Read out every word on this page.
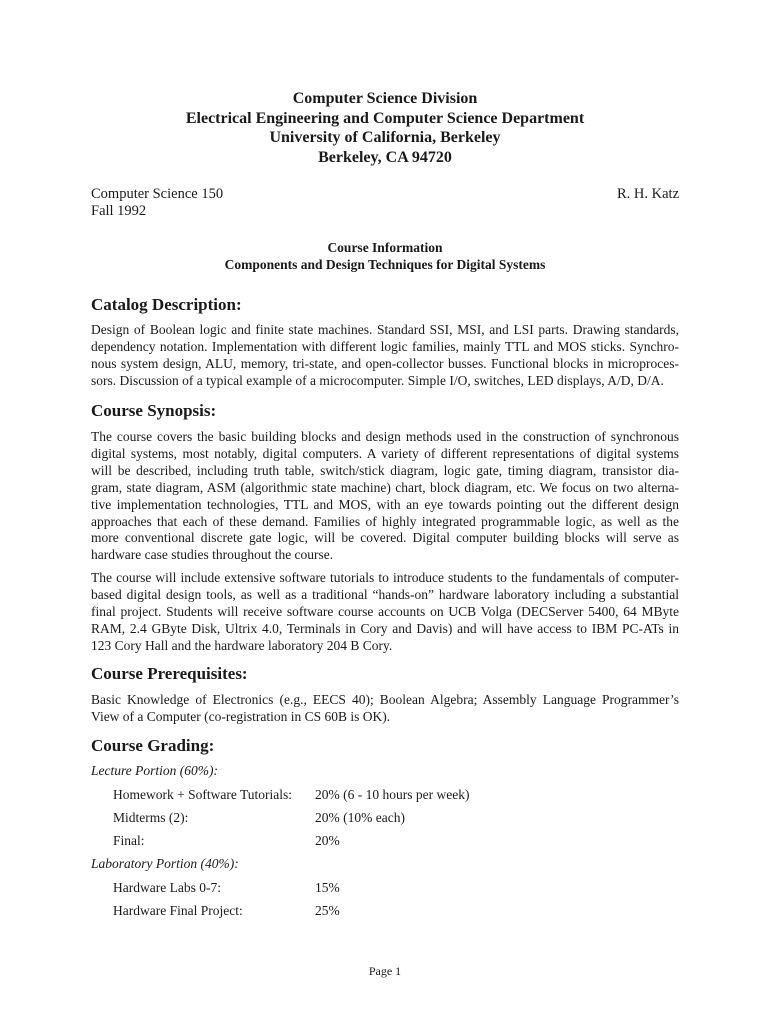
Computer Science Division
Electrical Engineering and Computer Science Department
University of California, Berkeley
Berkeley, CA 94720
Computer Science 150	R. H. Katz
Fall 1992
Course Information
Components and Design Techniques for Digital Systems
Catalog Description:
Design of Boolean logic and finite state machines. Standard SSI, MSI, and LSI parts. Drawing standards,
dependency notation. Implementation with different logic families, mainly TTL and MOS sticks. Synchro-
nous system design, ALU, memory, tri-state, and open-collector busses. Functional blocks in microproces-
sors. Discussion of a typical example of a microcomputer. Simple I/O, switches, LED displays, A/D, D/A.
Course Synopsis:
The course covers the basic building blocks and design methods used in the construction of synchronous
digital systems, most notably, digital computers. A variety of different representations of digital systems
will be described, including truth table, switch/stick diagram, logic gate, timing diagram, transistor dia-
gram, state diagram, ASM (algorithmic state machine) chart, block diagram, etc. We focus on two alterna-
tive implementation technologies, TTL and MOS, with an eye towards pointing out the different design
approaches that each of these demand. Families of highly integrated programmable logic, as well as the
more conventional discrete gate logic, will be covered. Digital computer building blocks will serve as
hardware case studies throughout the course.
The course will include extensive software tutorials to introduce students to the fundamentals of computer-
based digital design tools, as well as a traditional “hands-on” hardware laboratory including a substantial
final project. Students will receive software course accounts on UCB Volga (DECServer 5400, 64 MByte
RAM, 2.4 GByte Disk, Ultrix 4.0, Terminals in Cory and Davis) and will have access to IBM PC-ATs in
123 Cory Hall and the hardware laboratory 204 B Cory.
Course Prerequisites:
Basic Knowledge of Electronics (e.g., EECS 40); Boolean Algebra; Assembly Language Programmer’s
View of a Computer (co-registration in CS 60B is OK).
Course Grading:
Lecture Portion (60%):
Homework + Software Tutorials: 20% (6 - 10 hours per week)
Midterms (2):	20% (10% each)
Final:	20%
Laboratory Portion (40%):
Hardware Labs 0-7:	15%
Hardware Final Project:	25%
Page 1
